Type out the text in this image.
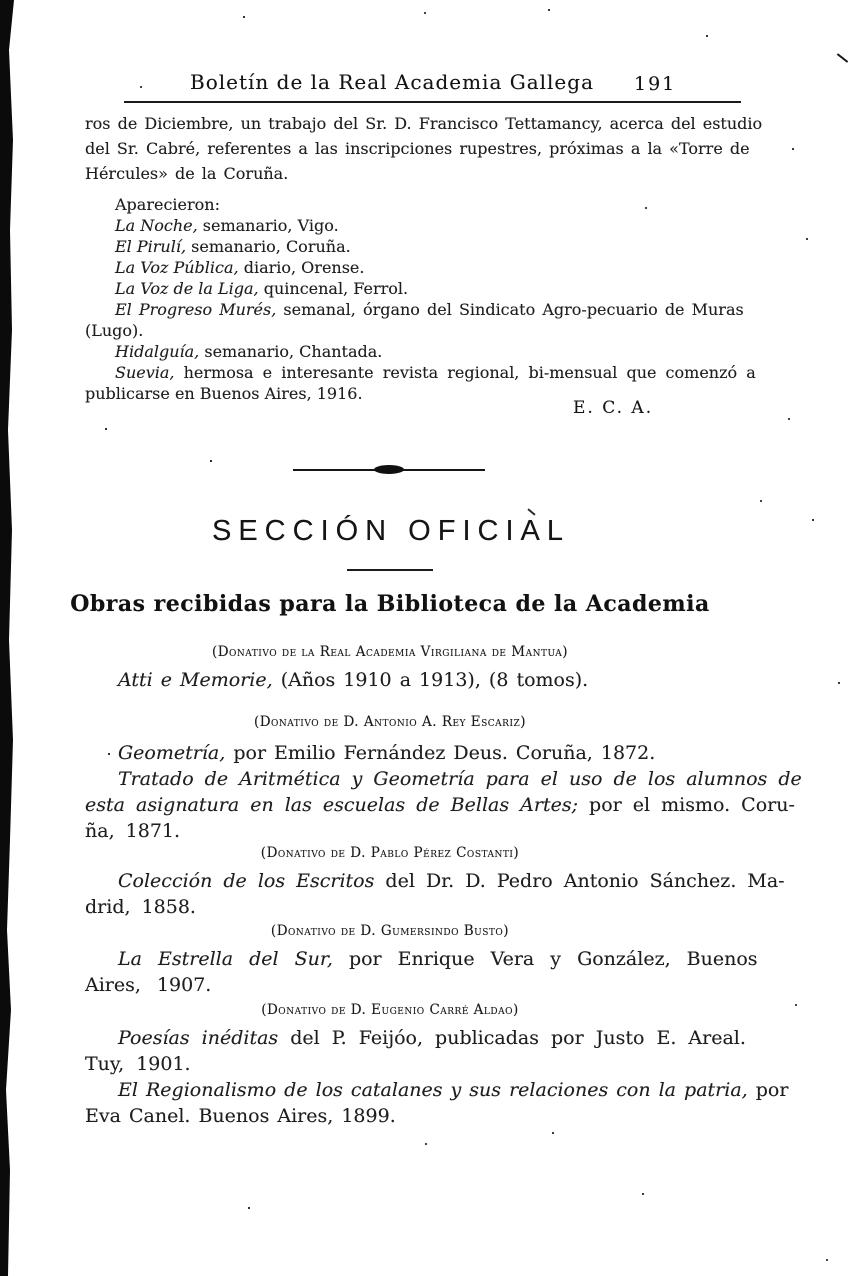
Boletín de la Real Academia Gallega 191
ros de Diciembre, un trabajo del Sr. D. Francisco Tettamancy, acerca del estudio
del Sr. Cabré, referentes a las inscripciones rupestres, próximas a la «Torre de
Hércules» de la Coruña.
Aparecieron:
La Noche, semanario, Vigo.
El Pirulí, semanario, Coruña.
La Voz Pública, diario, Orense.
La Voz de la Liga, quincenal, Ferrol.
El Progreso Murés, semanal, órgano del Sindicato Agro-pecuario de Muras
(Lugo).
Hidalguía, semanario, Chantada.
Suevia, hermosa e interesante revista regional, bi-mensual que comenzó a
publicarse en Buenos Aires, 1916.
E. C. A.
SECCIÓN OFICIAL
Obras recibidas para la Biblioteca de la Academia
(Donativo de la Real Academia Virgiliana de Mantua)
Atti e Memorie, (Años 1910 a 1913), (8 tomos).
(Donativo de D. Antonio A. Rey Escariz)
Geometría, por Emilio Fernández Deus. Coruña, 1872.
Tratado de Aritmética y Geometría para el uso de los alumnos de
esta asignatura en las escuelas de Bellas Artes; por el mismo. Coru-
ña, 1871.
(Donativo de D. Pablo Pérez Costanti)
Colección de los Escritos del Dr. D. Pedro Antonio Sánchez. Ma-
drid, 1858.
(Donativo de D. Gumersindo Busto)
La Estrella del Sur, por Enrique Vera y González, Buenos
Aires, 1907.
(Donativo de D. Eugenio Carré Aldao)
Poesías inéditas del P. Feijóo, publicadas por Justo E. Areal.
Tuy, 1901.
El Regionalismo de los catalanes y sus relaciones con la patria, por
Eva Canel. Buenos Aires, 1899.
